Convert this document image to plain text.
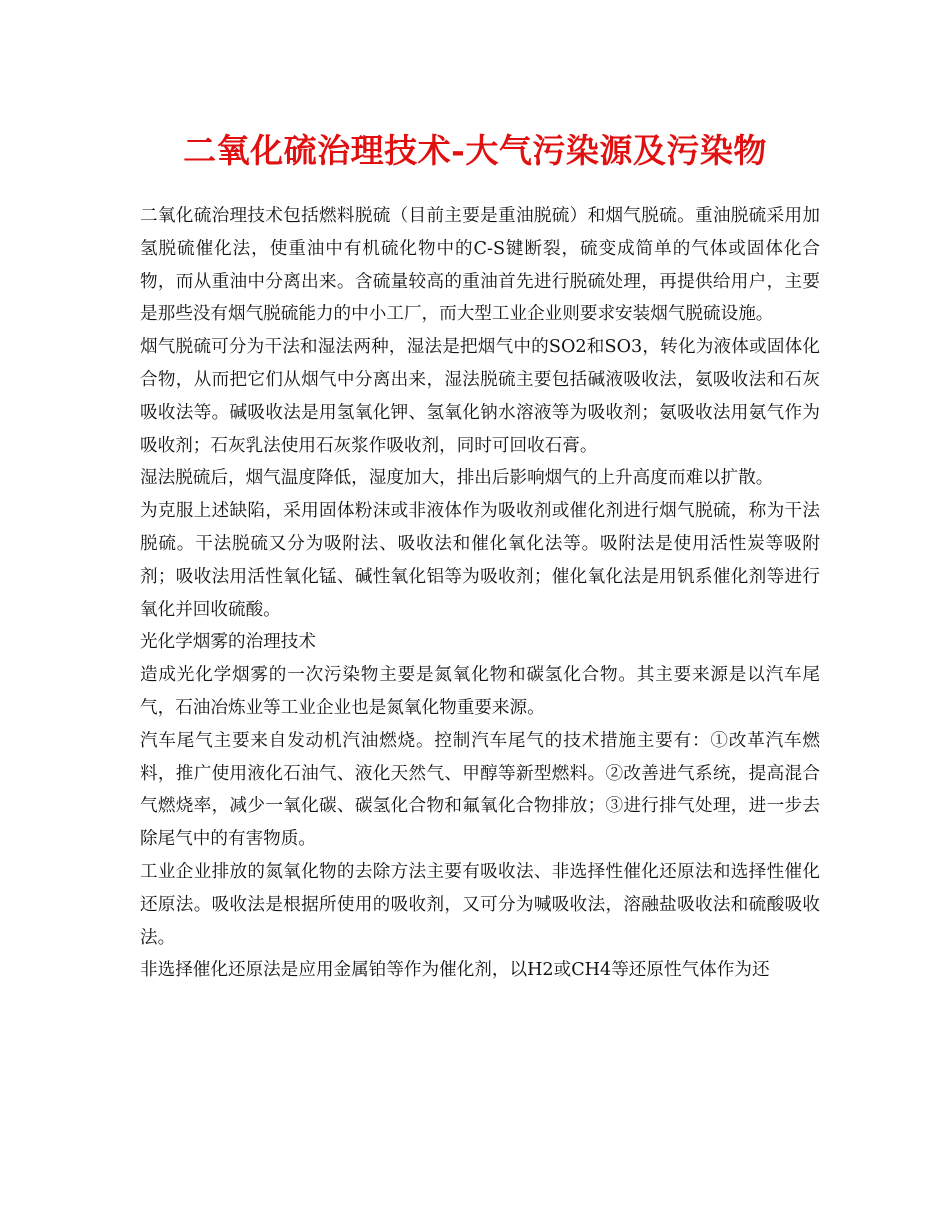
二氧化硫治理技术-大气污染源及污染物

二氧化硫治理技术包括燃料脱硫（目前主要是重油脱硫）和烟气脱硫。重油脱硫采用加氢脱硫催化法，使重油中有机硫化物中的C-S键断裂，硫变成简单的气体或固体化合物，而从重油中分离出来。含硫量较高的重油首先进行脱硫处理，再提供给用户，主要是那些没有烟气脱硫能力的中小工厂，而大型工业企业则要求安装烟气脱硫设施。

烟气脱硫可分为干法和湿法两种，湿法是把烟气中的SO2和SO3，转化为液体或固体化合物，从而把它们从烟气中分离出来，湿法脱硫主要包括碱液吸收法，氨吸收法和石灰吸收法等。碱吸收法是用氢氧化钾、氢氧化钠水溶液等为吸收剂；氨吸收法用氨气作为吸收剂；石灰乳法使用石灰浆作吸收剂，同时可回收石膏。

湿法脱硫后，烟气温度降低，湿度加大，排出后影响烟气的上升高度而难以扩散。

为克服上述缺陷，采用固体粉沫或非液体作为吸收剂或催化剂进行烟气脱硫，称为干法脱硫。干法脱硫又分为吸附法、吸收法和催化氧化法等。吸附法是使用活性炭等吸附剂；吸收法用活性氧化锰、碱性氧化铝等为吸收剂；催化氧化法是用钒系催化剂等进行氧化并回收硫酸。

光化学烟雾的治理技术

造成光化学烟雾的一次污染物主要是氮氧化物和碳氢化合物。其主要来源是以汽车尾气，石油冶炼业等工业企业也是氮氧化物重要来源。

汽车尾气主要来自发动机汽油燃烧。控制汽车尾气的技术措施主要有：①改革汽车燃料，推广使用液化石油气、液化天然气、甲醇等新型燃料。②改善进气系统，提高混合气燃烧率，减少一氧化碳、碳氢化合物和氟氧化合物排放；③进行排气处理，进一步去除尾气中的有害物质。

工业企业排放的氮氧化物的去除方法主要有吸收法、非选择性催化还原法和选择性催化还原法。吸收法是根据所使用的吸收剂，又可分为喊吸收法，溶融盐吸收法和硫酸吸收法。

非选择催化还原法是应用金属铂等作为催化剂，以H2或CH4等还原性气体作为还
